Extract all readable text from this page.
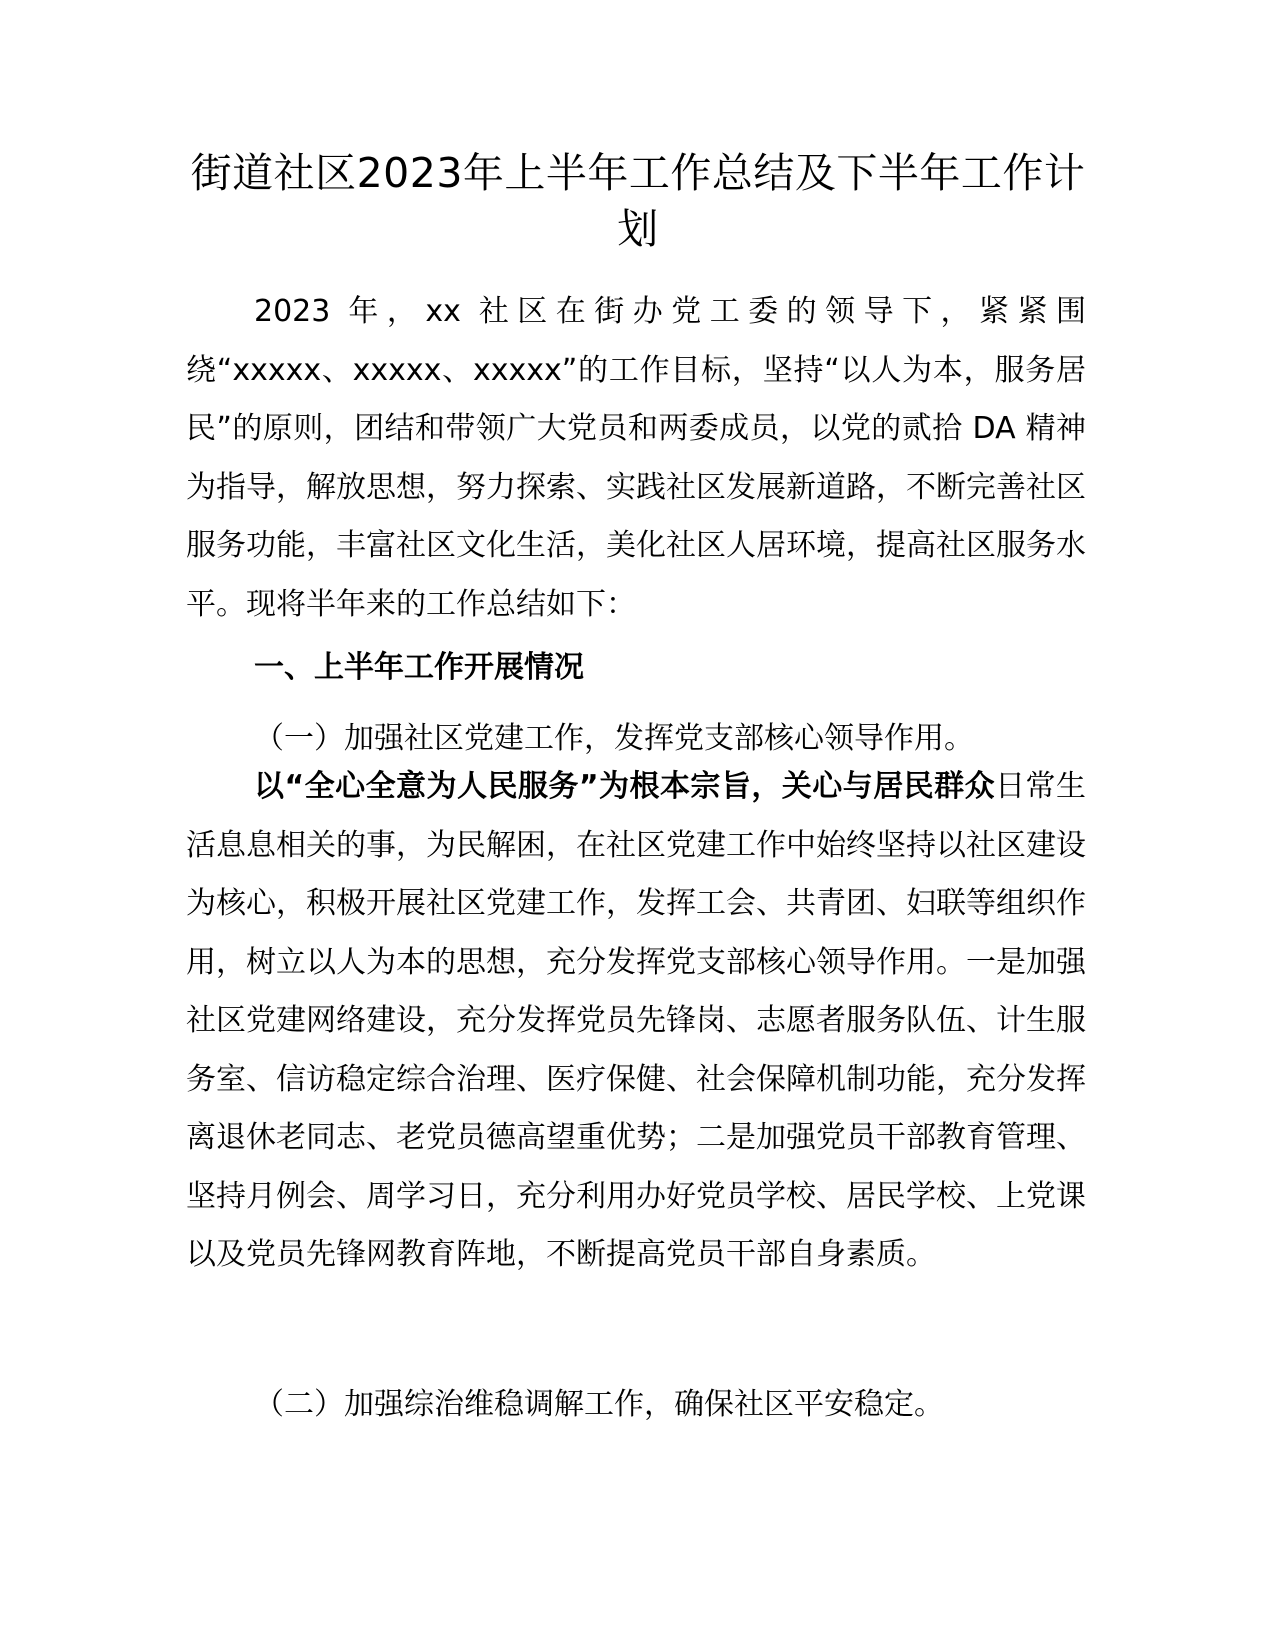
街道社区2023年上半年工作总结及下半年工作计划
2023 年，xx 社区在街办党工委的领导下，紧紧围绕“xxxxx、xxxxx、xxxxx”的工作目标，坚持“以人为本，服务居民”的原则，团结和带领广大党员和两委成员，以党的贰拾 DA 精神为指导，解放思想，努力探索、实践社区发展新道路，不断完善社区服务功能，丰富社区文化生活，美化社区人居环境，提高社区服务水平。现将半年来的工作总结如下：
一、上半年工作开展情况
（一）加强社区党建工作，发挥党支部核心领导作用。
以“全心全意为人民服务”为根本宗旨，关心与居民群众日常生活息息相关的事，为民解困，在社区党建工作中始终坚持以社区建设为核心，积极开展社区党建工作，发挥工会、共青团、妇联等组织作用，树立以人为本的思想，充分发挥党支部核心领导作用。一是加强社区党建网络建设，充分发挥党员先锋岗、志愿者服务队伍、计生服务室、信访稳定综合治理、医疗保健、社会保障机制功能，充分发挥离退休老同志、老党员德高望重优势；二是加强党员干部教育管理、坚持月例会、周学习日，充分利用办好党员学校、居民学校、上党课以及党员先锋网教育阵地，不断提高党员干部自身素质。
（二）加强综治维稳调解工作，确保社区平安稳定。
